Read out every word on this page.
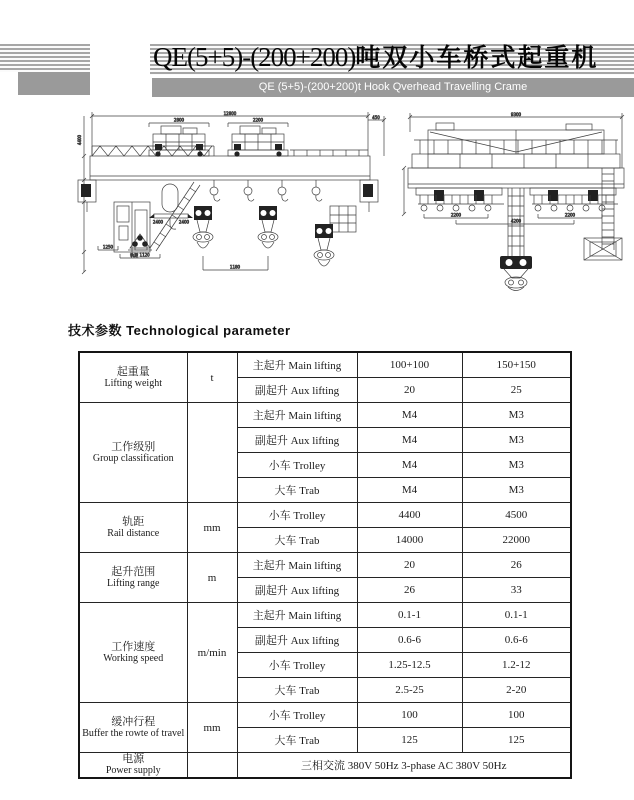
QE(5+5)-(200+200)吨双小车桥式起重机
QE (5+5)-(200+200)t Hook Qverhead Travelling Crame
12800
2800	2200
450
4400
2400	2400
轨距 1120
1180
1250
9300
2200	2200
4200
技术参数 Technological parameter
起重量
Lifting weight	t	主起升 Main lifting	100+100	150+150
		副起升 Aux lifting	20	25

工作级别
Group classification		主起升 Main lifting	M4	M3
		副起升 Aux lifting	M4	M3
		小车 Trolley	M4	M3
		大车 Trab	M4	M3

轨距
Rail distance	mm	小车 Trolley	4400	4500
		大车 Trab	14000	22000

起升范围
Lifting range	m	主起升 Main lifting	20	26
		副起升 Aux lifting	26	33

工作速度
Working speed	m/min	主起升 Main lifting	0.1-1	0.1-1
		副起升 Aux lifting	0.6-6	0.6-6
		小车 Trolley	1.25-12.5	1.2-12
		大车 Trab	2.5-25	2-20

缓冲行程
Buffer the rowte of travel	mm	小车 Trolley	100	100
		大车 Trab	125	125

电源
Power supply		三相交流 380V 50Hz 3-phase AC 380V 50Hz		
